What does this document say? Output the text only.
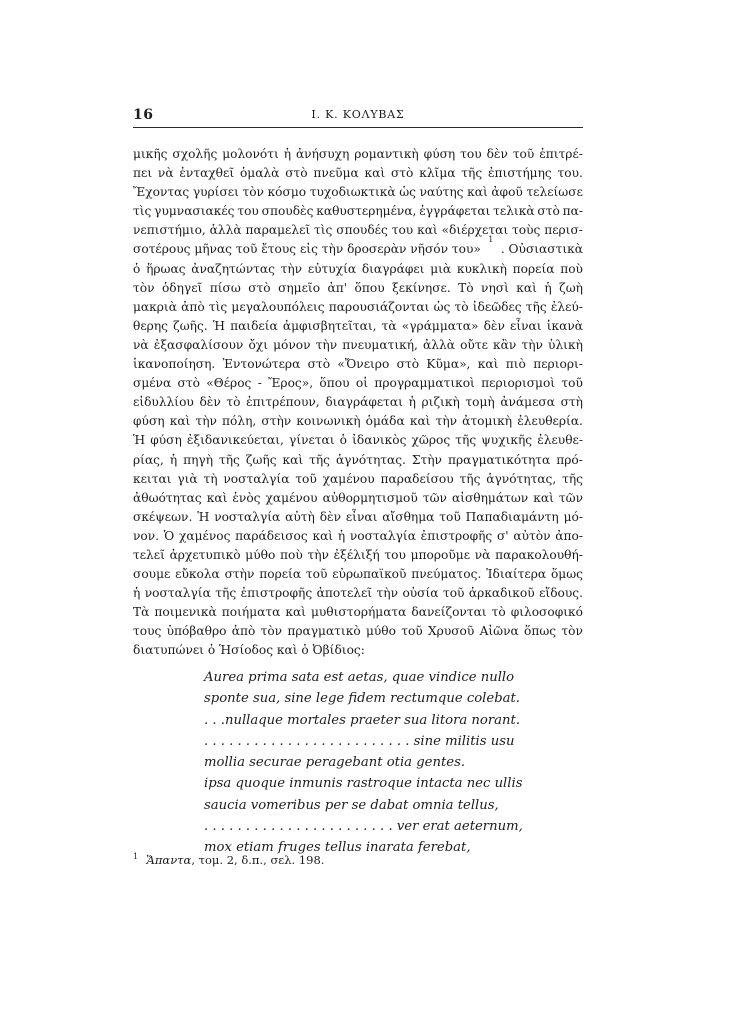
16	Ι. Κ. ΚΟΛΥΒΑΣ
μικῆς σχολῆς μολονότι ἡ ἀνήσυχη ρομαντικὴ φύση του δὲν τοῦ ἐπιτρέ-
πει νὰ ἐνταχθεῖ ὁμαλὰ στὸ πνεῦμα καὶ στὸ κλῖμα τῆς ἐπιστήμης του.
Ἔχοντας γυρίσει τὸν κόσμο τυχοδιωκτικὰ ὡς ναύτης καὶ ἀφοῦ τελείωσε
τὶς γυμνασιακές του σπουδὲς καθυστερημένα, ἐγγράφεται τελικὰ στὸ πα-
νεπιστήμιο, ἀλλὰ παραμελεῖ τὶς σπουδές του καὶ «διέρχεται τοὺς περισ-
σοτέρους μῆνας τοῦ ἔτους εἰς τὴν δροσερὰν νῆσόν του»
1
. Οὐσιαστικὰ
ὁ ἥρωας ἀναζητώντας τὴν εὐτυχία διαγράφει μιὰ κυκλικὴ πορεία ποὺ
τὸν ὁδηγεῖ πίσω στὸ σημεῖο ἀπ' ὅπου ξεκίνησε. Τὸ νησὶ καὶ ἡ ζωὴ
μακριὰ ἀπὸ τὶς μεγαλουπόλεις παρουσιάζονται ὡς τὸ ἰδεῶδες τῆς ἐλεύ-
θερης ζωῆς. Ἡ παιδεία ἀμφισβητεῖται, τὰ «γράμματα» δὲν εἶναι ἱκανὰ
νὰ ἐξασφαλίσουν ὄχι μόνον τὴν πνευματική, ἀλλὰ οὔτε κἂν τὴν ὑλικὴ
ἱκανοποίηση. Ἐντονώτερα στὸ «Ὄνειρο στὸ Κῦμα», καὶ πιὸ περιορι-
σμένα στὸ «Θέρος - Ἔρος», ὅπου οἱ προγραμματικοὶ περιορισμοὶ τοῦ
εἰδυλλίου δὲν τὸ ἐπιτρέπουν, διαγράφεται ἡ ριζικὴ τομὴ ἀνάμεσα στὴ
φύση καὶ τὴν πόλη, στὴν κοινωνικὴ ὁμάδα καὶ τὴν ἀτομικὴ ἐλευθερία.
Ἡ φύση ἐξιδανικεύεται, γίνεται ὁ ἰδανικὸς χῶρος τῆς ψυχικῆς ἐλευθε-
ρίας, ἡ πηγὴ τῆς ζωῆς καὶ τῆς ἁγνότητας. Στὴν πραγματικότητα πρό-
κειται γιὰ τὴ νοσταλγία τοῦ χαμένου παραδείσου τῆς ἁγνότητας, τῆς
ἀθωότητας καὶ ἑνὸς χαμένου αὐθορμητισμοῦ τῶν αἰσθημάτων καὶ τῶν
σκέψεων. Ἡ νοσταλγία αὐτὴ δὲν εἶναι αἴσθημα τοῦ Παπαδιαμάντη μό-
νον. Ὁ χαμένος παράδεισος καὶ ἡ νοσταλγία ἐπιστροφῆς σ' αὐτὸν ἀπο-
τελεῖ ἀρχετυπικὸ μύθο ποὺ τὴν ἐξέλιξή του μποροῦμε νὰ παρακολουθή-
σουμε εὔκολα στὴν πορεία τοῦ εὐρωπαϊκοῦ πνεύματος. Ἰδιαίτερα ὅμως
ἡ νοσταλγία τῆς ἐπιστροφῆς ἀποτελεῖ τὴν οὐσία τοῦ ἀρκαδικοῦ εἴδους.
Τὰ ποιμενικὰ ποιήματα καὶ μυθιστορήματα δανείζονται τὸ φιλοσοφικό
τους ὑπόβαθρο ἀπὸ τὸν πραγματικὸ μύθο τοῦ Χρυσοῦ Αἰῶνα ὅπως τὸν
διατυπώνει ὁ Ἡσίοδος καὶ ὁ Ὀβίδιος:
Aurea prima sata est aetas, quae vindice nullo
sponte sua, sine lege fidem rectumque colebat.
. . .nullaque mortales praeter sua litora norant.
. . . . . . . . . . . . . . . . . . . . . . . . . sine militis usu
mollia securae peragebant otia gentes.
ipsa quoque inmunis rastroque intacta nec ullis
saucia vomeribus per se dabat omnia tellus,
. . . . . . . . . . . . . . . . . . . . . . . ver erat aeternum,
mox etiam fruges tellus inarata ferebat,
$^1$ Ἅπαντα, τομ. 2, δ.π., σελ. 198.
